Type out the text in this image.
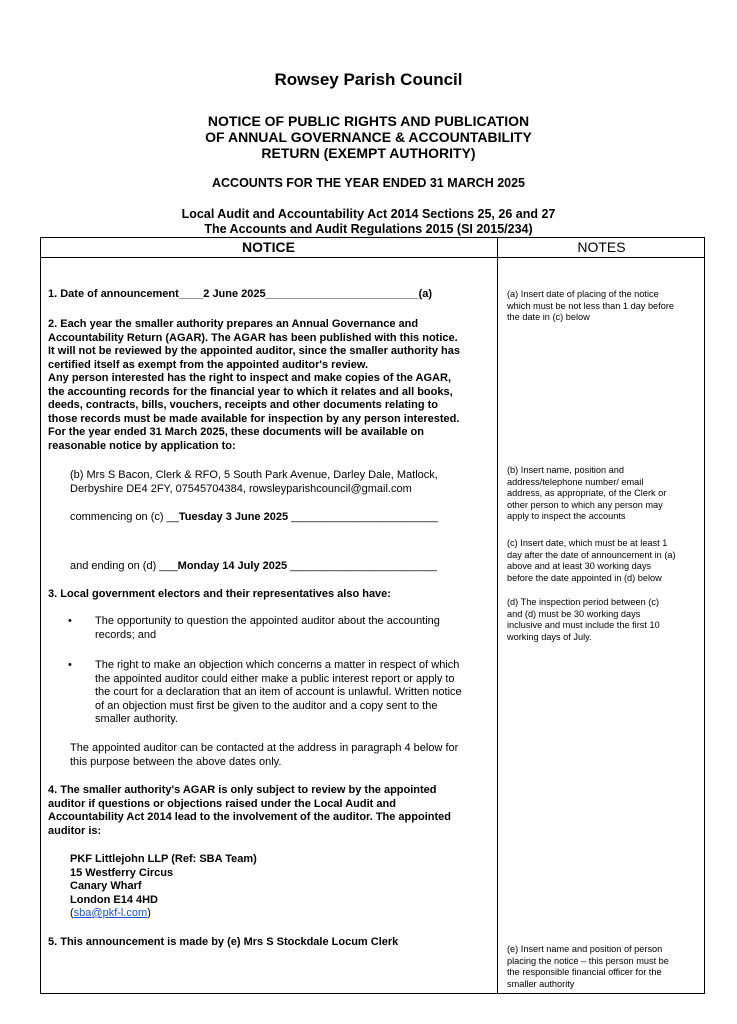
Rowsey Parish Council
NOTICE OF PUBLIC RIGHTS AND PUBLICATION
OF ANNUAL GOVERNANCE & ACCOUNTABILITY
RETURN (EXEMPT AUTHORITY)
ACCOUNTS FOR THE YEAR ENDED 31 MARCH 2025
Local Audit and Accountability Act 2014 Sections 25, 26 and 27
The Accounts and Audit Regulations 2015 (SI 2015/234)
NOTICE	NOTES
1. Date of announcement____2 June 2025_________________________(a)
2. Each year the smaller authority prepares an Annual Governance and
Accountability Return (AGAR). The AGAR has been published with this notice.
It will not be reviewed by the appointed auditor, since the smaller authority has
certified itself as exempt from the appointed auditor's review.
Any person interested has the right to inspect and make copies of the AGAR,
the accounting records for the financial year to which it relates and all books,
deeds, contracts, bills, vouchers, receipts and other documents relating to
those records must be made available for inspection by any person interested.
For the year ended 31 March 2025, these documents will be available on
reasonable notice by application to:
(b) Mrs S Bacon, Clerk & RFO, 5 South Park Avenue, Darley Dale, Matlock,
Derbyshire DE4 2FY, 07545704384, rowsleyparishcouncil@gmail.com
commencing on (c) __Tuesday 3 June 2025 ________________________
and ending on (d) ___Monday 14 July 2025 ________________________
3. Local government electors and their representatives also have:
• The opportunity to question the appointed auditor about the accounting
records; and
• The right to make an objection which concerns a matter in respect of which
the appointed auditor could either make a public interest report or apply to
the court for a declaration that an item of account is unlawful. Written notice
of an objection must first be given to the auditor and a copy sent to the
smaller authority.
The appointed auditor can be contacted at the address in paragraph 4 below for
this purpose between the above dates only.
4. The smaller authority's AGAR is only subject to review by the appointed
auditor if questions or objections raised under the Local Audit and
Accountability Act 2014 lead to the involvement of the auditor. The appointed
auditor is:
PKF Littlejohn LLP (Ref: SBA Team)
15 Westferry Circus
Canary Wharf
London E14 4HD
(sba@pkf-l.com)
5. This announcement is made by (e) Mrs S Stockdale Locum Clerk
(a) Insert date of placing of the notice
which must be not less than 1 day before
the date in (c) below
(b) Insert name, position and
address/telephone number/ email
address, as appropriate, of the Clerk or
other person to which any person may
apply to inspect the accounts
(c) Insert date, which must be at least 1
day after the date of announcement in (a)
above and at least 30 working days
before the date appointed in (d) below
(d) The inspection period between (c)
and (d) must be 30 working days
inclusive and must include the first 10
working days of July.
(e) Insert name and position of person
placing the notice – this person must be
the responsible financial officer for the
smaller authority
